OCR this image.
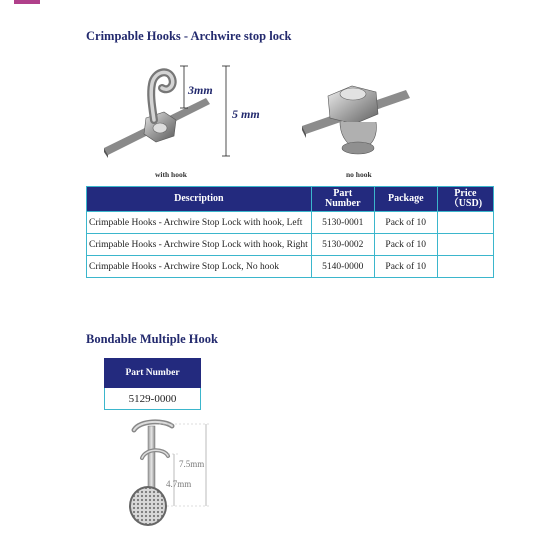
Crimpable Hooks - Archwire stop lock
3mm
5 mm
with hook	no hook
Description	Part Number	Package	Price
（USD)

Crimpable Hooks - Archwire Stop Lock with hook, Left	5130-0001	Pack of 10	
Crimpable Hooks - Archwire Stop Lock with hook, Right	5130-0002	Pack of 10	
Crimpable Hooks - Archwire Stop Lock, No hook	5140-0000	Pack of 10	
Bondable Multiple Hook
Part Number
5129-0000
7.5mm
4.7mm
